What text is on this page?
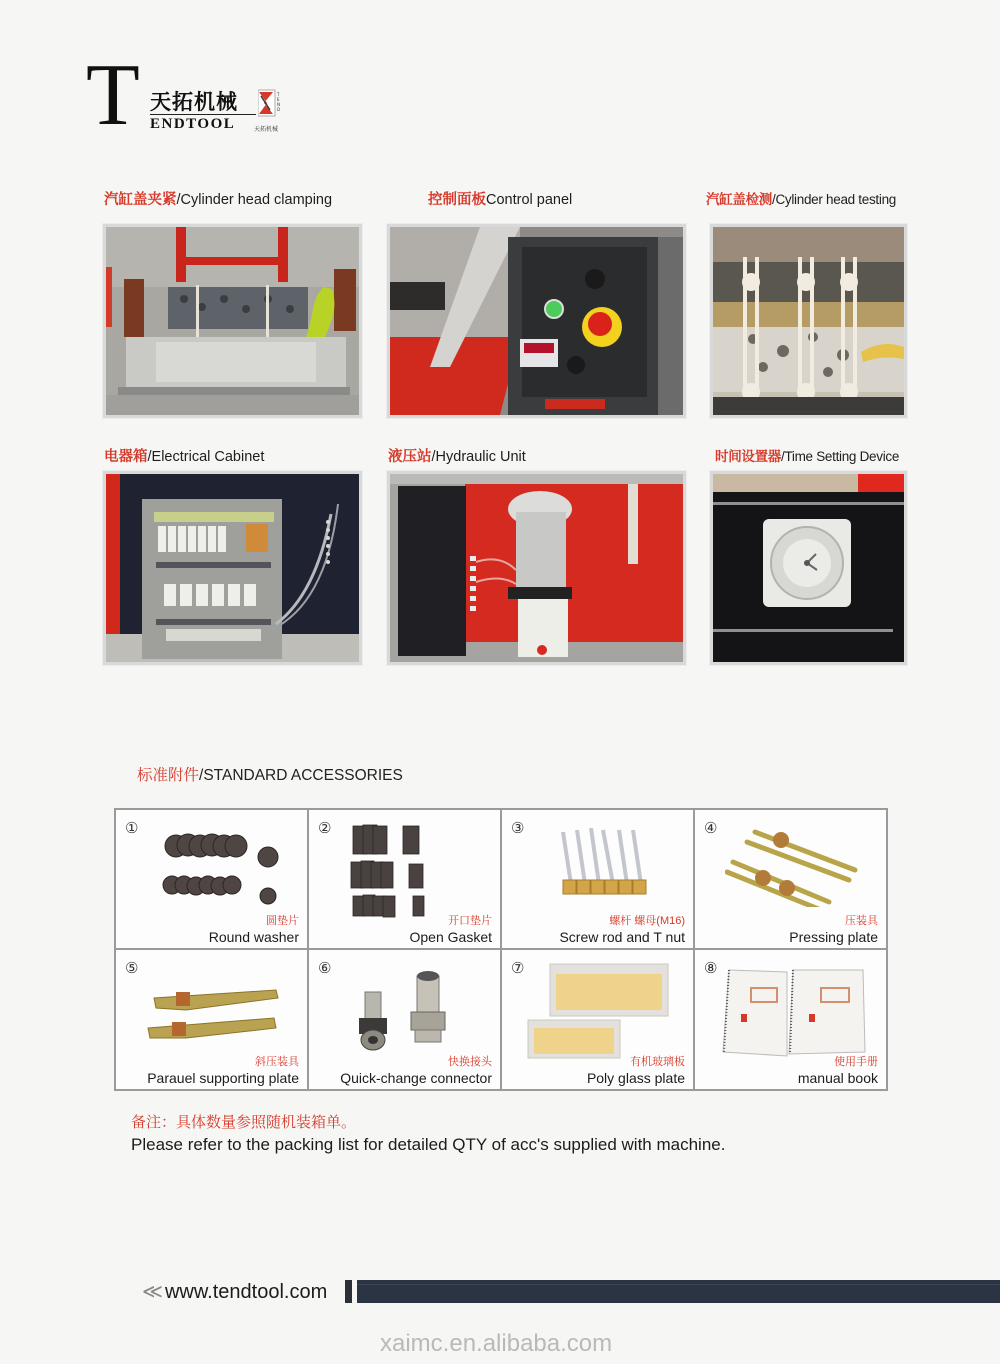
T 天拓机械
ENDTOOL
T
E
N
D
天拓机械
汽缸盖夹紧/Cylinder head clamping	控制面板Control panel	汽缸盖检测/Cylinder head testing
电器箱/Electrical Cabinet	液压站/Hydraulic Unit	时间设置器/Time Setting Device
标准附件/STANDARD ACCESSORIES
①
圆垫片
Round washer
②
开口垫片
Open Gasket
③
螺杆 螺母(M16)
Screw rod and T nut
④
压装具
Pressing plate
⑤
斜压装具
Parauel supporting plate
⑥
快换接头
Quick-change connector
⑦
有机玻璃板
Poly glass plate
⑧
使用手册
manual book
备注：具体数量参照随机装箱单。
Please refer to the packing list for detailed QTY of acc's supplied with machine.
≪ www.tendtool.com
xaimc.en.alibaba.com
